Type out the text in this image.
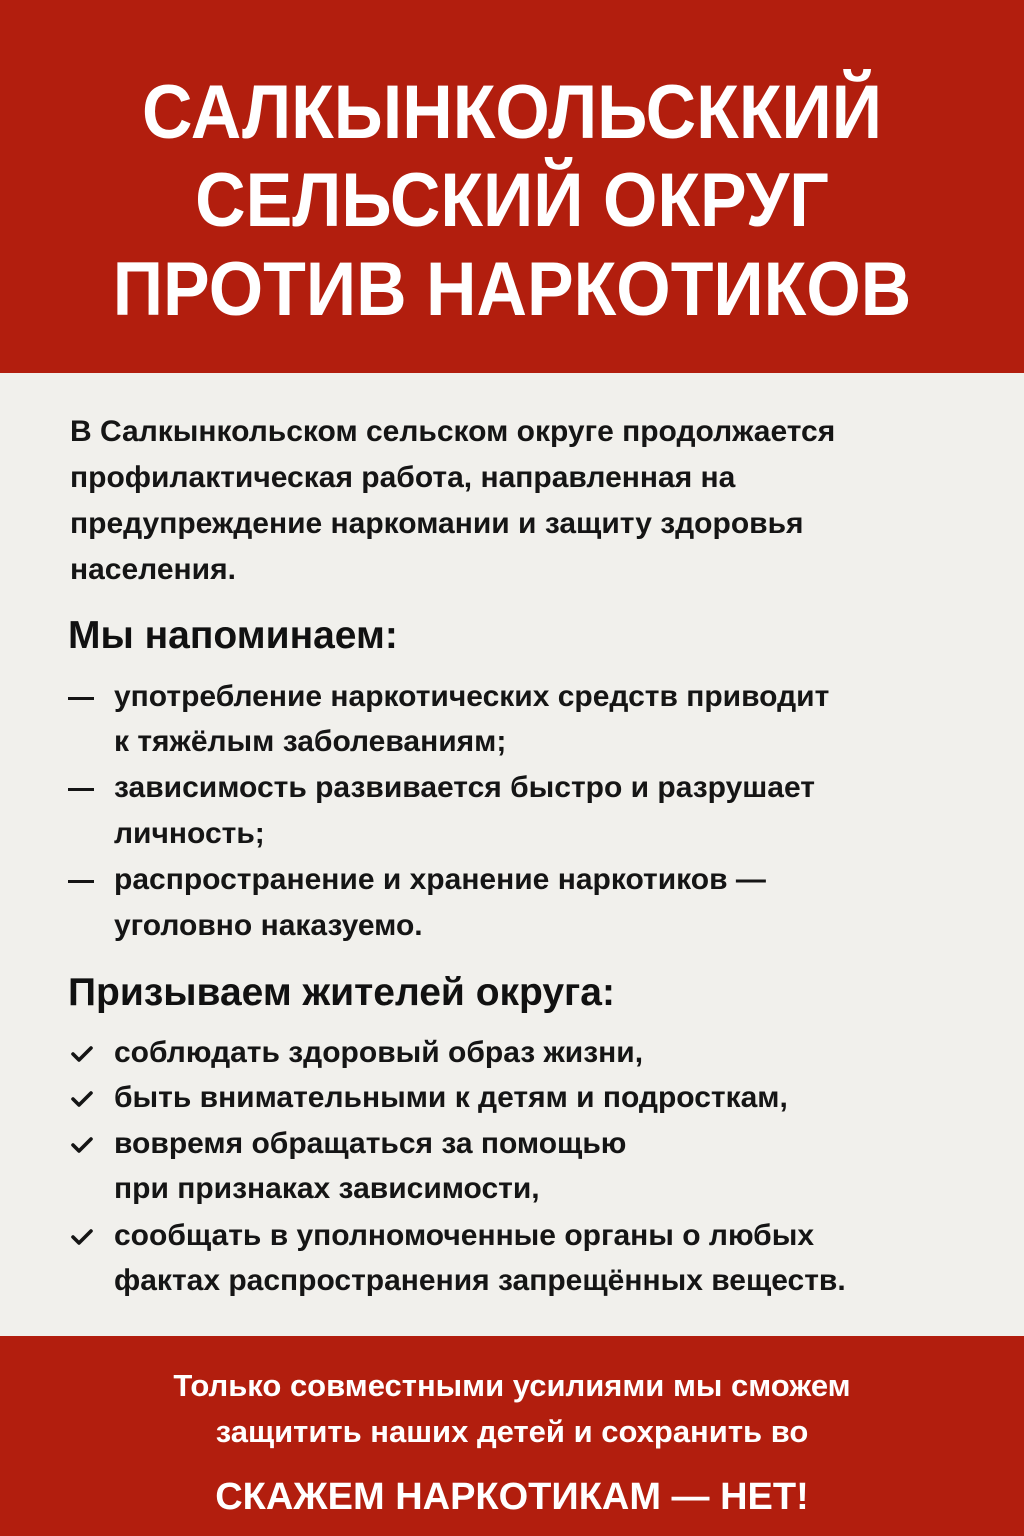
САЛКЫНКОЛЬСККИЙ
СЕЛЬСКИЙ ОКРУГ
ПРОТИВ НАРКОТИКОВ
В Салкынкольском сельском округе продолжается
профилактическая работа, направленная на
предупреждение наркомании и защиту здоровья
населения.
Мы напоминаем:
употребление наркотических средств приводит
к тяжёлым заболеваниям;
зависимость развивается быстро и разрушает
личность;
распространение и хранение наркотиков —
уголовно наказуемо.
Призываем жителей округа:
соблюдать здоровый образ жизни,
быть внимательными к детям и подросткам,
вовремя обращаться за помощью
при признаках зависимости,
сообщать в уполномоченные органы о любых
фактах распространения запрещённых веществ.
Только совместными усилиями мы сможем
защитить наших детей и сохранить во
СКАЖЕМ НАРКОТИКАМ — НЕТ!
